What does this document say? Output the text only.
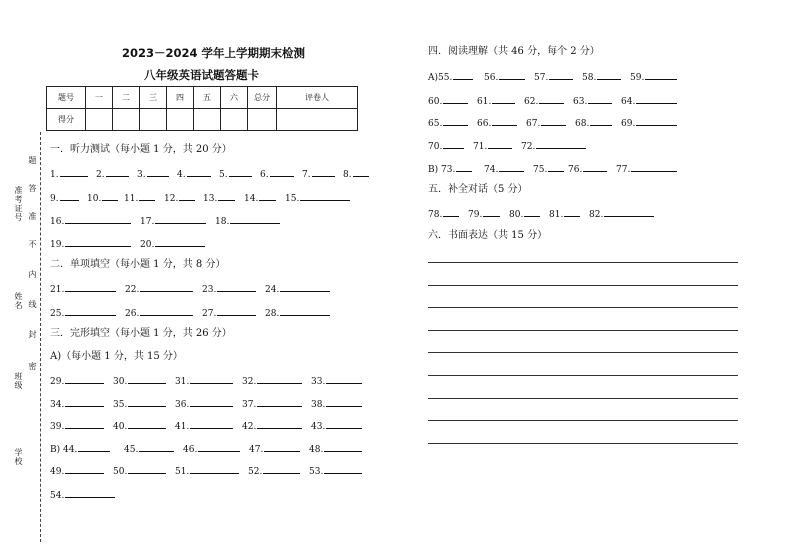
2023－2024 学年上学期期末检测
八年级英语试题答题卡
题号	一	二	三	四	五	六	总分	评卷人
得分								
准考证号
姓名
班级
学校
题
答
准
不
内
线
封
密
一．听力测试（每小题 1 分，共 20 分）
二．单项填空（每小题 1 分，共 8 分）
三．完形填空（每小题 1 分，共 26 分）
A)（每小题 1 分，共 15 分）
四．阅读理解（共 46 分，每个 2 分）
五．补全对话（5 分）
六．书面表达（共 15 分）
1.	2.	3.	4.	5.	6.	7.	8.
9.	10.	11.	12.	13.	14.	15.
16.	17.	18.
19.	20.
21.	22.	23.	24.
25.	26.	27.	28.
29.	30.	31.	32.	33.
34.	35.	36.	37.	38.
39.	40.	41.	42.	43.
B) 44.	45.	46.	47.	48.
49.	50.	51.	52.	53.
54.
A)55.	56.	57.	58.	59.
60.	61.	62.	63.	64.
65.	66.	67.	68.	69.
70.	71.	72.
B) 73.	74.	75.	76.	77.
78.	79.	80.	81.	82.
